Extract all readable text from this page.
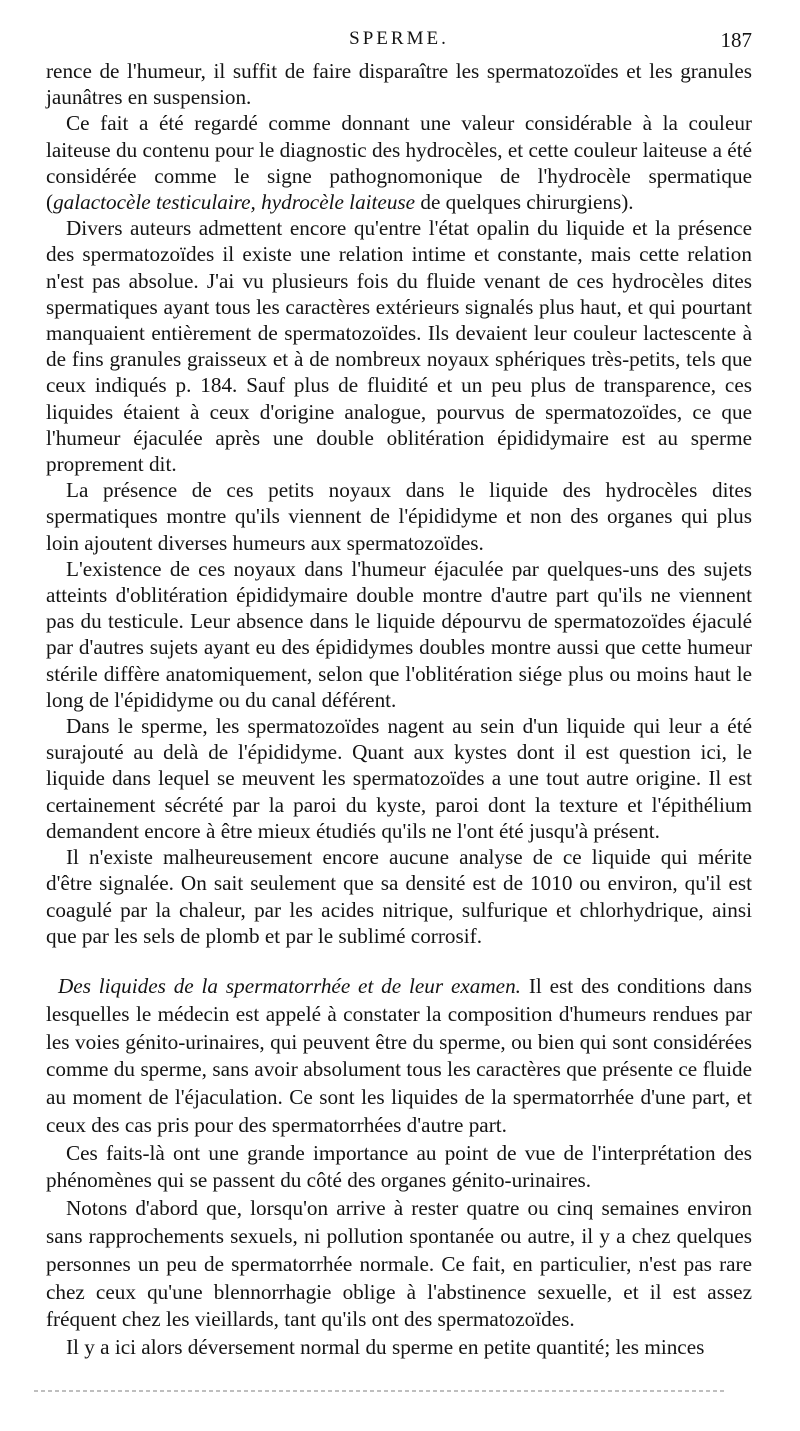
SPERME.	187

rence de l'humeur, il suffit de faire disparaître les spermatozoïdes et les granules jaunâtres en suspension.

Ce fait a été regardé comme donnant une valeur considérable à la couleur laiteuse du contenu pour le diagnostic des hydrocèles, et cette couleur laiteuse a été considérée comme le signe pathognomonique de l'hydrocèle spermatique (galactocèle testiculaire, hydrocèle laiteuse de quelques chirurgiens).

Divers auteurs admettent encore qu'entre l'état opalin du liquide et la présence des spermatozoïdes il existe une relation intime et constante, mais cette relation n'est pas absolue. J'ai vu plusieurs fois du fluide venant de ces hydrocèles dites spermatiques ayant tous les caractères extérieurs signalés plus haut, et qui pourtant manquaient entièrement de spermatozoïdes. Ils devaient leur couleur lactescente à de fins granules graisseux et à de nombreux noyaux sphériques très-petits, tels que ceux indiqués p. 184. Sauf plus de fluidité et un peu plus de transparence, ces liquides étaient à ceux d'origine analogue, pourvus de spermatozoïdes, ce que l'humeur éjaculée après une double oblitération épididymaire est au sperme proprement dit.

La présence de ces petits noyaux dans le liquide des hydrocèles dites spermatiques montre qu'ils viennent de l'épididyme et non des organes qui plus loin ajoutent diverses humeurs aux spermatozoïdes.

L'existence de ces noyaux dans l'humeur éjaculée par quelques-uns des sujets atteints d'oblitération épididymaire double montre d'autre part qu'ils ne viennent pas du testicule. Leur absence dans le liquide dépourvu de spermatozoïdes éjaculé par d'autres sujets ayant eu des épididymes doubles montre aussi que cette humeur stérile diffère anatomiquement, selon que l'oblitération siége plus ou moins haut le long de l'épididyme ou du canal déférent.

Dans le sperme, les spermatozoïdes nagent au sein d'un liquide qui leur a été surajouté au delà de l'épididyme. Quant aux kystes dont il est question ici, le liquide dans lequel se meuvent les spermatozoïdes a une tout autre origine. Il est certainement sécrété par la paroi du kyste, paroi dont la texture et l'épithélium demandent encore à être mieux étudiés qu'ils ne l'ont été jusqu'à présent.

Il n'existe malheureusement encore aucune analyse de ce liquide qui mérite d'être signalée. On sait seulement que sa densité est de 1010 ou environ, qu'il est coagulé par la chaleur, par les acides nitrique, sulfurique et chlorhydrique, ainsi que par les sels de plomb et par le sublimé corrosif.

Des liquides de la spermatorrhée et de leur examen. Il est des conditions dans lesquelles le médecin est appelé à constater la composition d'humeurs rendues par les voies génito-urinaires, qui peuvent être du sperme, ou bien qui sont considérées comme du sperme, sans avoir absolument tous les caractères que présente ce fluide au moment de l'éjaculation. Ce sont les liquides de la spermatorrhée d'une part, et ceux des cas pris pour des spermatorrhées d'autre part.

Ces faits-là ont une grande importance au point de vue de l'interprétation des phénomènes qui se passent du côté des organes génito-urinaires.

Notons d'abord que, lorsqu'on arrive à rester quatre ou cinq semaines environ sans rapprochements sexuels, ni pollution spontanée ou autre, il y a chez quelques personnes un peu de spermatorrhée normale. Ce fait, en particulier, n'est pas rare chez ceux qu'une blennorrhagie oblige à l'abstinence sexuelle, et il est assez fréquent chez les vieillards, tant qu'ils ont des spermatozoïdes.

Il y a ici alors déversement normal du sperme en petite quantité; les minces
